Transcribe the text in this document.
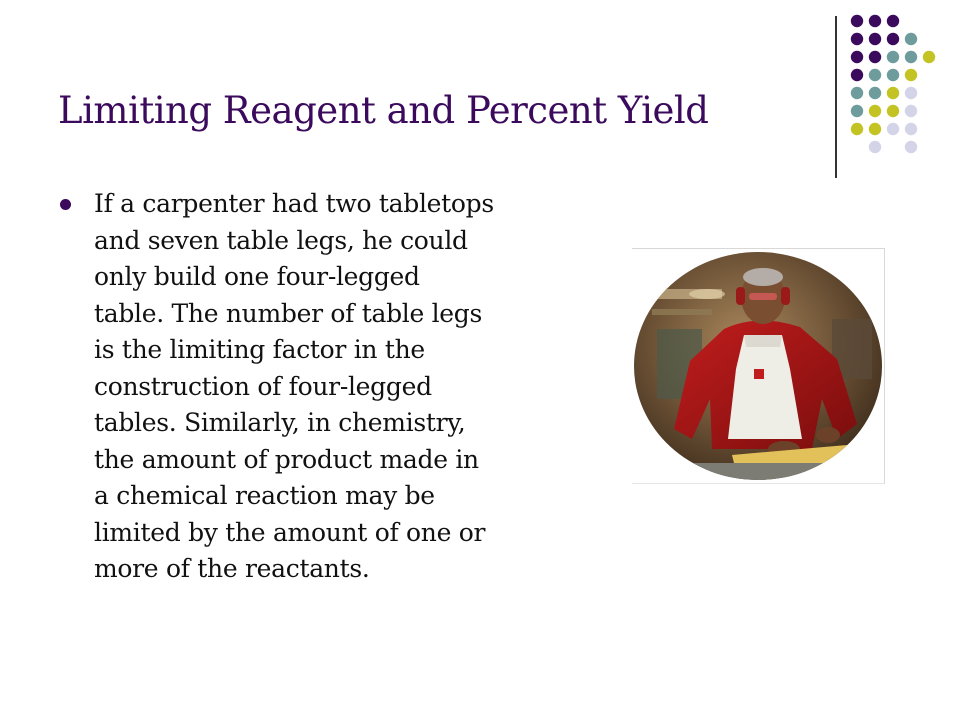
Limiting Reagent and Percent Yield
If a carpenter had two tabletops
and seven table legs, he could
only build one four-legged
table. The number of table legs
is the limiting factor in the
construction of four-legged
tables. Similarly, in chemistry,
the amount of product made in
a chemical reaction may be
limited by the amount of one or
more of the reactants.
